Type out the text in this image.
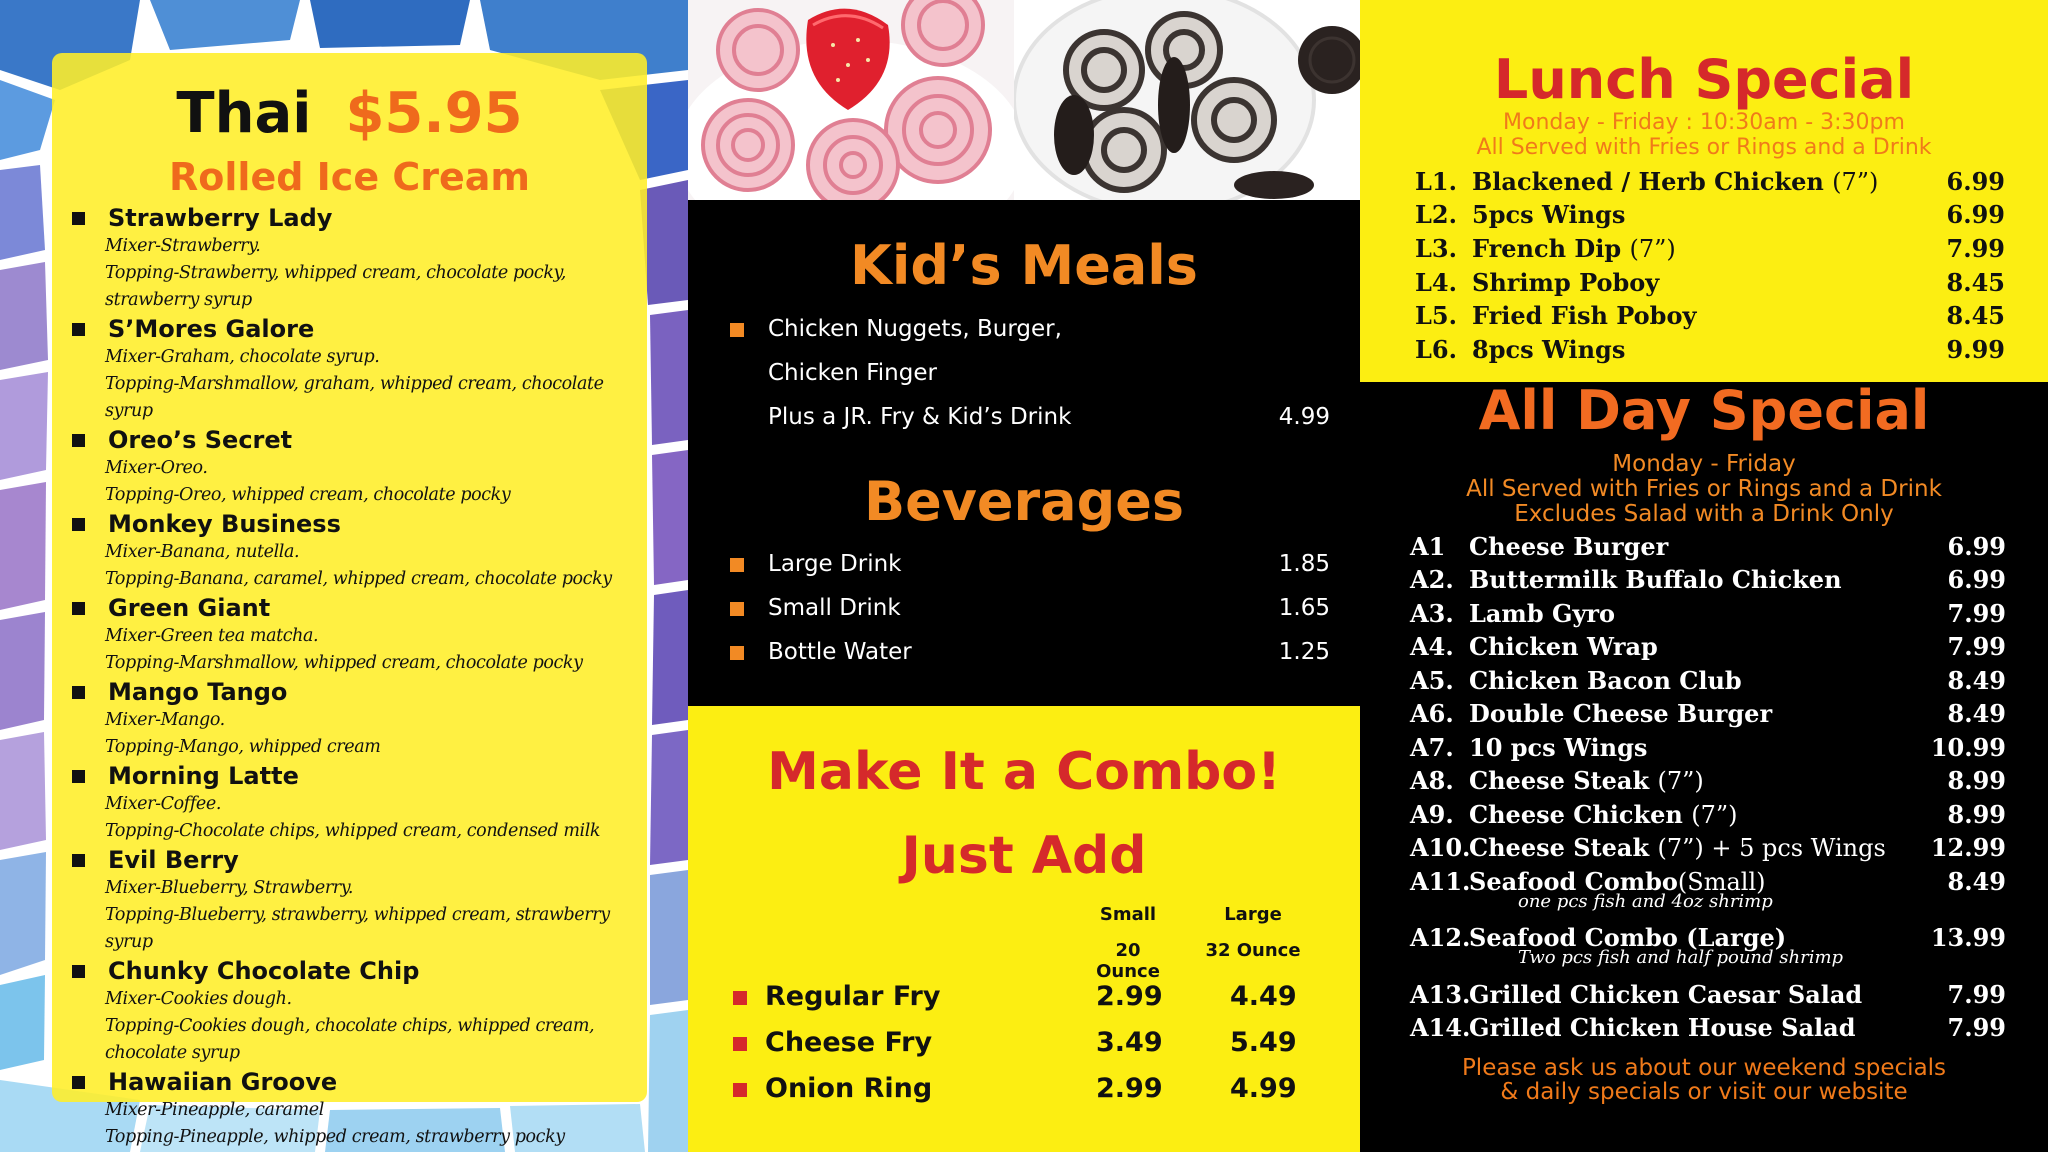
Thai $5.95
Rolled Ice Cream
Strawberry Lady
Mixer-Strawberry.
Topping-Strawberry, whipped cream, chocolate pocky,
strawberry syrup
S’Mores Galore
Mixer-Graham, chocolate syrup.
Topping-Marshmallow, graham, whipped cream, chocolate syrup
Oreo’s Secret
Mixer-Oreo.
Topping-Oreo, whipped cream, chocolate pocky
Monkey Business
Mixer-Banana, nutella.
Topping-Banana, caramel, whipped cream, chocolate pocky
Green Giant
Mixer-Green tea matcha.
Topping-Marshmallow, whipped cream, chocolate pocky
Mango Tango
Mixer-Mango.
Topping-Mango, whipped cream
Morning Latte
Mixer-Coffee.
Topping-Chocolate chips, whipped cream, condensed milk
Evil Berry
Mixer-Blueberry, Strawberry.
Topping-Blueberry, strawberry, whipped cream, strawberry syrup
Chunky Chocolate Chip
Mixer-Cookies dough.
Topping-Cookies dough, chocolate chips, whipped cream,
chocolate syrup
Hawaiian Groove
Mixer-Pineapple, caramel
Topping-Pineapple, whipped cream, strawberry pocky
Kid’s Meals
Chicken Nuggets, Burger,
Chicken Finger
Plus a JR. Fry & Kid’s Drink	4.99
Beverages
Large Drink	1.85
Small Drink	1.65
Bottle Water	1.25
Make It a Combo!
Just Add
Small	Large
20 Ounce
32 Ounce
Regular Fry	2.99 4.49
Cheese Fry	3.49 5.49
Onion Ring	2.99 4.99
Lunch Special
Monday - Friday : 10:30am - 3:30pm
All Served with Fries or Rings and a Drink
L1. Blackened / Herb Chicken (7”)	6.99
L2. 5pcs Wings	6.99
L3. French Dip (7”)	7.99
L4. Shrimp Poboy	8.45
L5. Fried Fish Poboy	8.45
L6. 8pcs Wings	9.99
All Day Special
Monday - Friday
All Served with Fries or Rings and a Drink
Excludes Salad with a Drink Only
A1 Cheese Burger	6.99
A2. Buttermilk Buffalo Chicken	6.99
A3. Lamb Gyro	7.99
A4. Chicken Wrap	7.99
A5. Chicken Bacon Club	8.49
A6. Double Cheese Burger	8.49
A7. 10 pcs Wings	10.99
A8. Cheese Steak (7”)	8.99
A9. Cheese Chicken (7”)	8.99
A10.
Cheese Steak (7”) + 5 pcs Wings 12.99
A11.
Seafood Combo(Small)	8.49
one pcs fish and 4oz shrimp
A12.
Seafood Combo (Large)	13.99
Two pcs fish and half pound shrimp
A13.
Grilled Chicken Caesar Salad	7.99
A14.
Grilled Chicken House Salad	7.99
Please ask us about our weekend specials
& daily specials or visit our website
